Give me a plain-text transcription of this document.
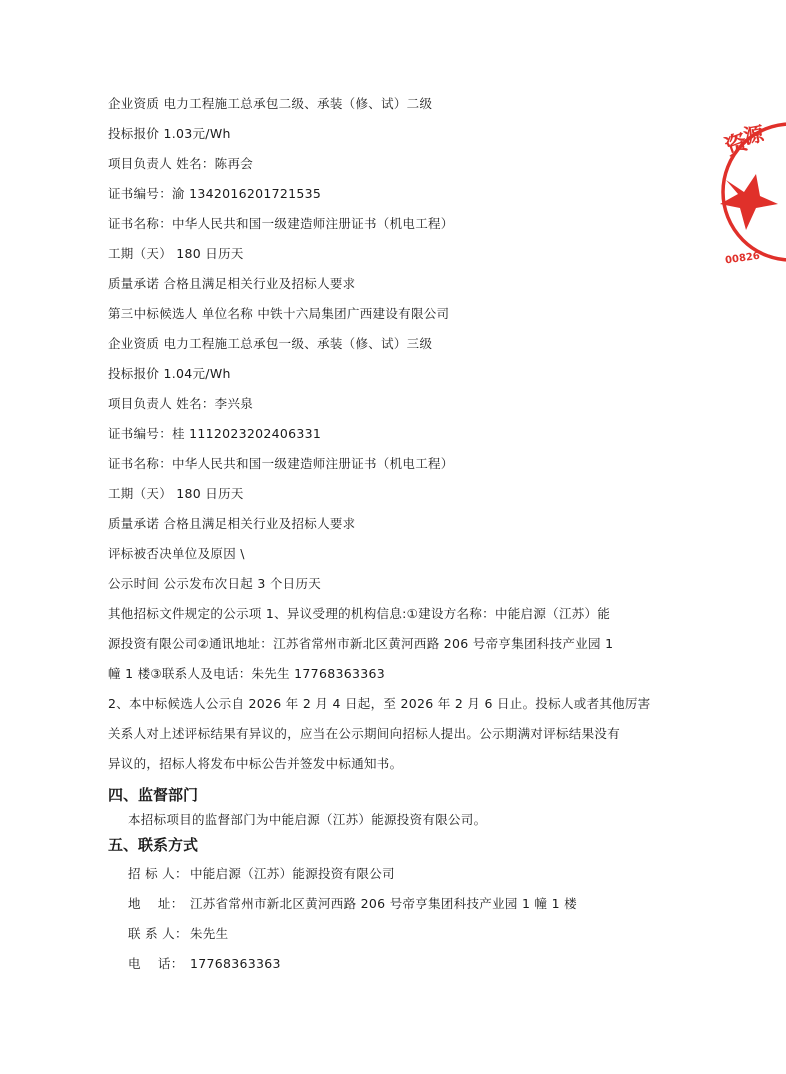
企业资质 电力工程施工总承包二级、承装（修、试）二级
投标报价 1.03元/Wh
项目负责人 姓名：陈再会
证书编号：渝 1342016201721535
证书名称：中华人民共和国一级建造师注册证书（机电工程）
工期（天） 180 日历天
质量承诺 合格且满足相关行业及招标人要求
第三中标候选人 单位名称 中铁十六局集团广西建设有限公司
企业资质 电力工程施工总承包一级、承装（修、试）三级
投标报价 1.04元/Wh
项目负责人 姓名：李兴泉
证书编号：桂 1112023202406331
证书名称：中华人民共和国一级建造师注册证书（机电工程）
工期（天） 180 日历天
质量承诺 合格且满足相关行业及招标人要求
评标被否决单位及原因 \
公示时间 公示发布次日起 3 个日历天
其他招标文件规定的公示项 1、异议受理的机构信息:①建设方名称：中能启源（江苏）能
源投资有限公司②通讯地址：江苏省常州市新北区黄河西路 206 号帝亨集团科技产业园 1
幢 1 楼③联系人及电话：朱先生 17768363363
2、本中标候选人公示自 2026 年 2 月 4 日起，至 2026 年 2 月 6 日止。投标人或者其他厉害
关系人对上述评标结果有异议的，应当在公示期间向招标人提出。公示期满对评标结果没有
异议的，招标人将发布中标公告并签发中标通知书。
四、监督部门
本招标项目的监督部门为中能启源（江苏）能源投资有限公司。
五、联系方式
招 标 人： 中能启源（江苏）能源投资有限公司
地    址： 江苏省常州市新北区黄河西路 206 号帝亨集团科技产业园 1 幢 1 楼
联 系 人： 朱先生
电    话： 17768363363
资
源
00826
